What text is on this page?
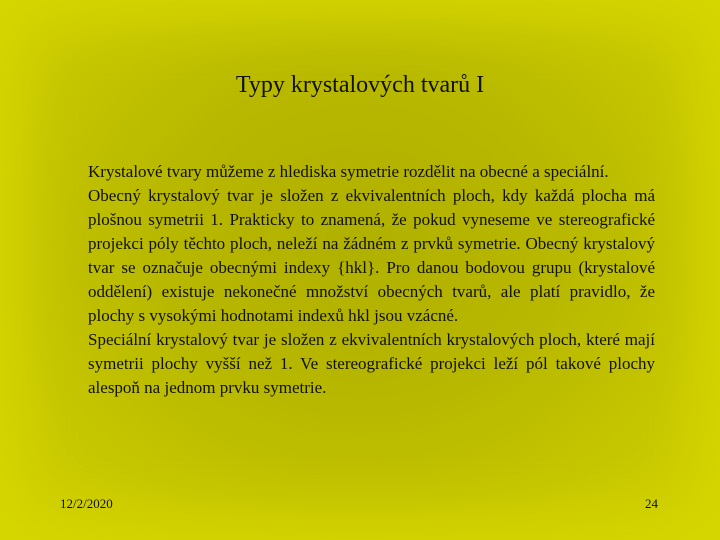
Typy krystalových tvarů I

Krystalové tvary můžeme z hlediska symetrie rozdělit na obecné a speciální.

Obecný krystalový tvar je složen z ekvivalentních ploch, kdy každá plocha má plošnou symetrii 1. Prakticky to znamená, že pokud vyneseme ve stereografické projekci póly těchto ploch, neleží na žádném z prvků symetrie. Obecný krystalový tvar se označuje obecnými indexy {hkl}. Pro danou bodovou grupu (krystalové oddělení) existuje nekonečné množství obecných tvarů, ale platí pravidlo, že plochy s vysokými hodnotami indexů hkl jsou vzácné.

Speciální krystalový tvar je složen z ekvivalentních krystalových ploch, které mají symetrii plochy vyšší než 1. Ve stereografické projekci leží pól takové plochy alespoň na jednom prvku symetrie.

12/2/2020	24
